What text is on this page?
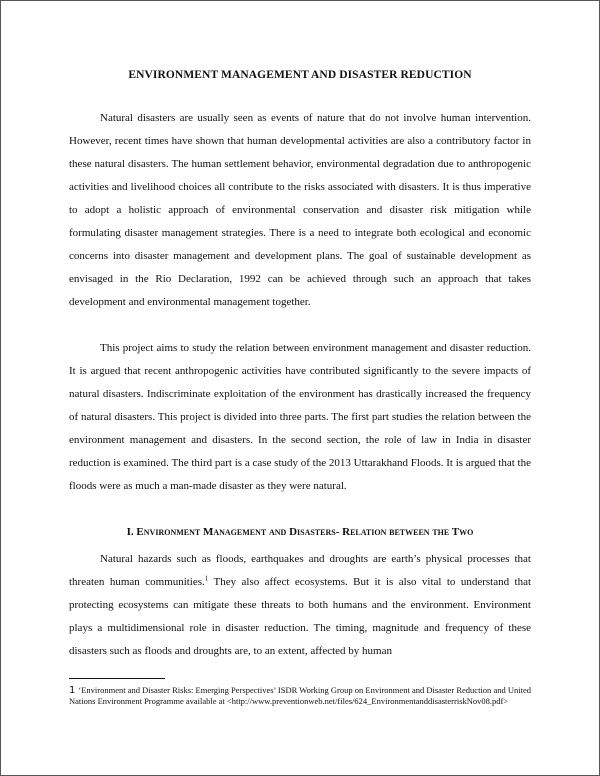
ENVIRONMENT MANAGEMENT AND DISASTER REDUCTION

Natural disasters are usually seen as events of nature that do not involve human intervention. However, recent times have shown that human developmental activities are also a contributory factor in these natural disasters. The human settlement behavior, environmental degradation due to anthropogenic activities and livelihood choices all contribute to the risks associated with disasters. It is thus imperative to adopt a holistic approach of environmental conservation and disaster risk mitigation while formulating disaster management strategies. There is a need to integrate both ecological and economic concerns into disaster management and development plans. The goal of sustainable development as envisaged in the Rio Declaration, 1992 can be achieved through such an approach that takes development and environmental management together.

This project aims to study the relation between environment management and disaster reduction. It is argued that recent anthropogenic activities have contributed significantly to the severe impacts of natural disasters. Indiscriminate exploitation of the environment has drastically increased the frequency of natural disasters. This project is divided into three parts. The first part studies the relation between the environment management and disasters. In the second section, the role of law in India in disaster reduction is examined. The third part is a case study of the 2013 Uttarakhand Floods. It is argued that the floods were as much a man-made disaster as they were natural.

I. Environment Management and Disasters- Relation between the Two

Natural hazards such as floods, earthquakes and droughts are earth’s physical processes that threaten human communities.$^1$ They also affect ecosystems. But it is also vital to understand that protecting ecosystems can mitigate these threats to both humans and the environment. Environment plays a multidimensional role in disaster reduction. The timing, magnitude and frequency of these disasters such as floods and droughts are, to an extent, affected by human

1 ‘Environment and Disaster Risks: Emerging Perspectives’ ISDR Working Group on Environment and Disaster Reduction and United Nations Environment Programme available at <http://www.preventionweb.net/files/624_EnvironmentanddisasterriskNov08.pdf>
